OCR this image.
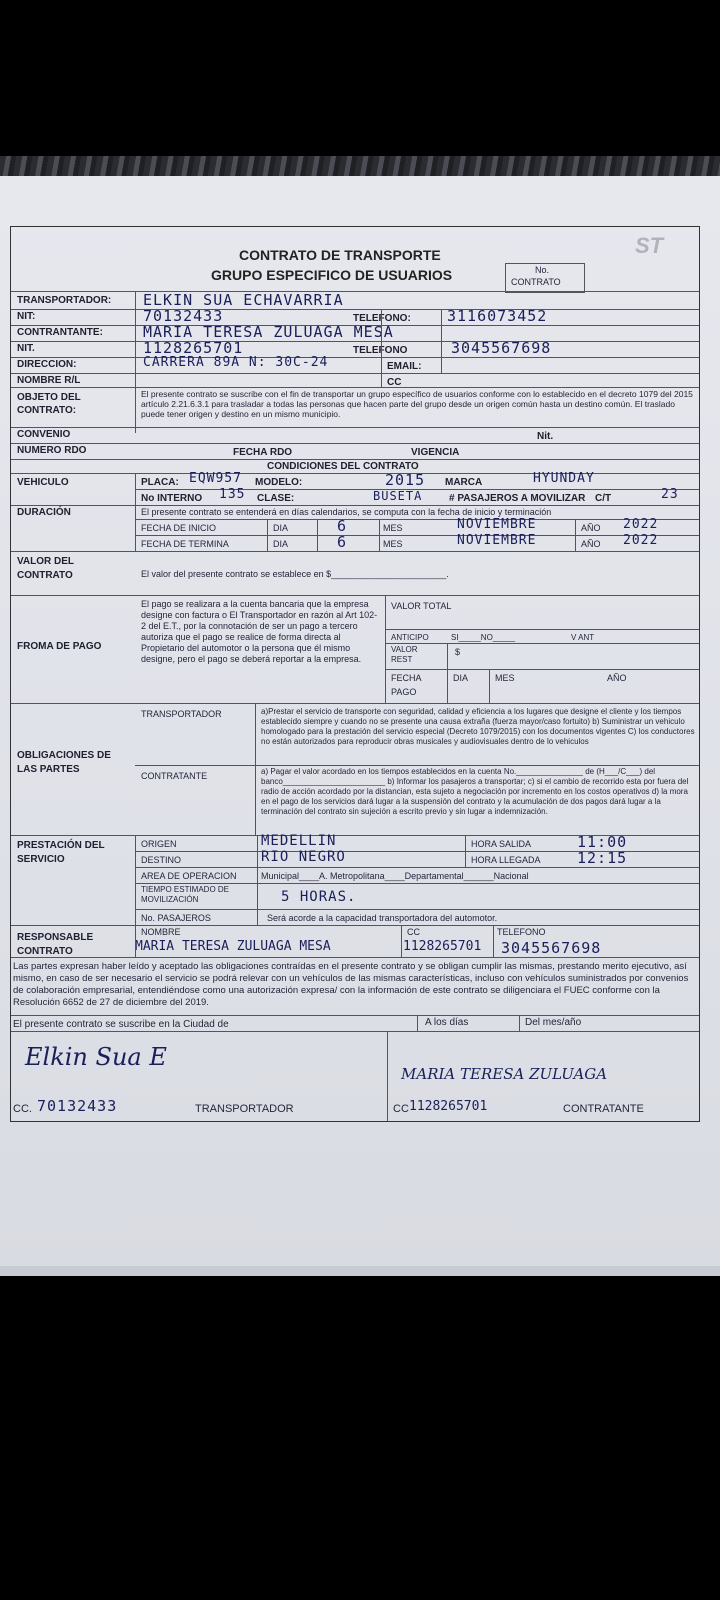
CONTRATO DE TRANSPORTE
GRUPO ESPECIFICO DE USUARIOS
ST
No.
CONTRATO
TRANSPORTADOR: ELKIN SUA ECHAVARRIA
NIT:	70132433	TELEFONO: 3116073452
CONTRANTANTE:	MARIA TERESA ZULUAGA MESA
NIT.	1128265701	TELEFONO	3045567698
DIRECCION:	CARRERA 89A N: 30C-24	EMAIL:
NOMBRE R/L	CC
OBJETO DEL CONTRATO:
El presente contrato se suscribe con el fin de transportar un grupo específico de usuarios conforme con lo establecido en el decreto 1079 del 2015 artículo 2.21.6.3.1 para trasladar a todas las personas que hacen parte del grupo desde un origen común hasta un destino común. El traslado puede tener origen y destino en un mismo municipio.
CONVENIO	Nit.
NUMERO RDO	FECHA RDO	VIGENCIA
CONDICIONES DEL CONTRATO
VEHICULO	PLACA: EQW957 MODELO:	2015 MARCA	HYUNDAY
No INTERNO 135 CLASE:	BUSETA	# PASAJEROS A MOVILIZAR C/T	23
DURACIÓN	El presente contrato se entenderá en días calendarios, se computa con la fecha de inicio y terminación
FECHA DE INICIO	DIA	6	MES	NOVIEMBRE	AÑO 2022
FECHA DE TERMINA	DIA	6	MES	NOVIEMBRE	AÑO 2022
VALOR DEL CONTRATO	El valor del presente contrato se establece en $_______________________.
FROMA DE PAGO
El pago se realizara a la cuenta bancaria que la empresa designe con factura o El Transportador en razón al Art 102-2 del E.T., por la connotación de ser un pago a tercero autoriza que el pago se realice de forma directa al Propietario del automotor o la persona que él mismo designe, pero el pago se deberá reportar a la empresa.
VALOR TOTAL
ANTICIPO	SI_____NO_____	V ANT
VALOR REST
$
FECHA PAGO
DIA	MES	AÑO
OBLIGACIONES DE LAS PARTES
TRANSPORTADOR	a)Prestar el servicio de transporte con seguridad, calidad y eficiencia a los lugares que designe el cliente y los tiempos establecido siempre y cuando no se presente una causa extraña (fuerza mayor/caso fortuito) b) Suministrar un vehiculo homologado para la prestación del servicio especial (Decreto 1079/2015) con los documentos vigentes C) los conductores no están autorizados para reproducir obras musicales y audiovisuales dentro de lo vehiculos
CONTRATANTE	a) Pagar el valor acordado en los tiempos establecidos en la cuenta No._______________ de (H___/C___) del banco_______________________ b) Informar los pasajeros a transportar; c) si el cambio de recorrido esta por fuera del radio de acción acordado por la distancian, esta sujeto a negociación por incremento en los costos operativos d) la mora en el pago de los servicios dará lugar a la suspensión del contrato y la acumulación de dos pagos dará lugar a la terminación del contrato sin sujeción a escrito previo y sin lugar a indemnización.
PRESTACIÓN DEL SERVICIO
ORIGEN	MEDELLIN	HORA SALIDA	11:00
DESTINO	RIO NEGRO	HORA LLEGADA 12:15
AREA DE OPERACION	Municipal____A. Metropolitana____Departamental______Nacional
TIEMPO ESTIMADO DE MOVILIZACIÓN	5 HORAS.
No. PASAJEROS	Será acorde a la capacidad transportadora del automotor.
RESPONSABLE CONTRATO
NOMBRE	CC	TELEFONO
MARIA TERESA ZULUAGA MESA	1128265701 3045567698
Las partes expresan haber leído y aceptado las obligaciones contraídas en el presente contrato y se obligan cumplir las mismas, prestando merito ejecutivo, así mismo, en caso de ser necesario el servicio se podrá relevar con un vehículos de las mismas características, incluso con vehículos suministrados por convenios de colaboración empresarial, entendiéndose como una autorización expresa/ con la información de este contrato se diligenciara el FUEC conforme con la Resolución 6652 de 27 de diciembre del 2019.
El presente contrato se suscribe en la Ciudad de	A los días	Del mes/año
Elkin Sua E
CC. 70132433	TRANSPORTADOR
MARIA TERESA ZULUAGA
CC 1128265701	CONTRATANTE
